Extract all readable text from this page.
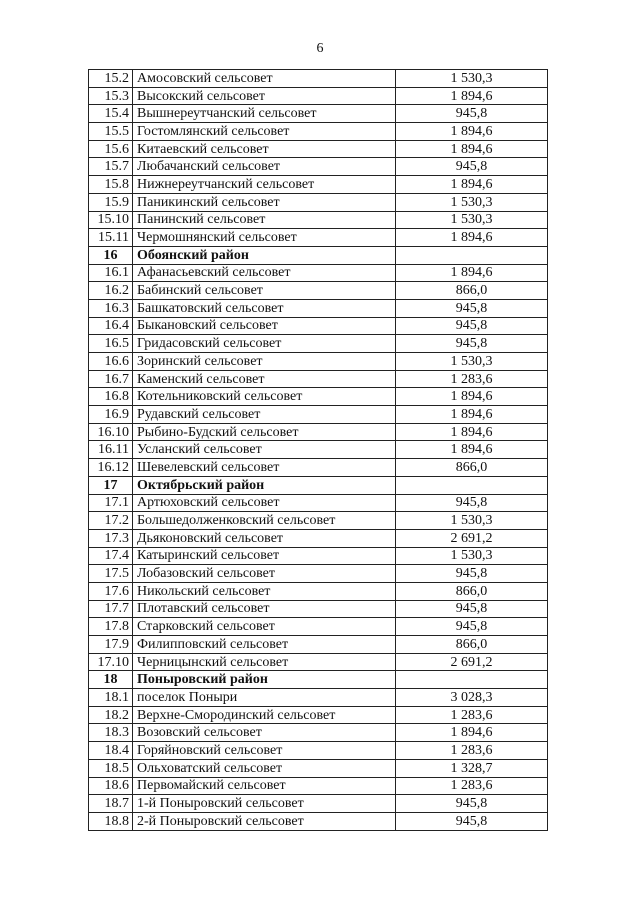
6
15.2	Амосовский сельсовет	1 530,3
15.3	Высокский сельсовет	1 894,6
15.4	Вышнереутчанский сельсовет	945,8
15.5	Гостомлянский сельсовет	1 894,6
15.6	Китаевский сельсовет	1 894,6
15.7	Любачанский сельсовет	945,8
15.8	Нижнереутчанский сельсовет	1 894,6
15.9	Паникинский сельсовет	1 530,3
15.10	Панинский сельсовет	1 530,3
15.11	Чермошнянский сельсовет	1 894,6
16	Обоянский район	
16.1	Афанасьевский сельсовет	1 894,6
16.2	Бабинский сельсовет	866,0
16.3	Башкатовский сельсовет	945,8
16.4	Быкановский сельсовет	945,8
16.5	Гридасовский сельсовет	945,8
16.6	Зоринский сельсовет	1 530,3
16.7	Каменский сельсовет	1 283,6
16.8	Котельниковский сельсовет	1 894,6
16.9	Рудавский сельсовет	1 894,6
16.10	Рыбино-Будский сельсовет	1 894,6
16.11	Усланский сельсовет	1 894,6
16.12	Шевелевский сельсовет	866,0
17	Октябрьский район	
17.1	Артюховский сельсовет	945,8
17.2	Большедолженковский сельсовет	1 530,3
17.3	Дьяконовский сельсовет	2 691,2
17.4	Катыринский сельсовет	1 530,3
17.5	Лобазовский сельсовет	945,8
17.6	Никольский сельсовет	866,0
17.7	Плотавский сельсовет	945,8
17.8	Старковский сельсовет	945,8
17.9	Филипповский сельсовет	866,0
17.10	Черницынский сельсовет	2 691,2
18	Поныровский район	
18.1	поселок Поныри	3 028,3
18.2	Верхне-Смородинский сельсовет	1 283,6
18.3	Возовский сельсовет	1 894,6
18.4	Горяйновский сельсовет	1 283,6
18.5	Ольховатский сельсовет	1 328,7
18.6	Первомайский сельсовет	1 283,6
18.7	1-й Поныровский сельсовет	945,8
18.8	2-й Поныровский сельсовет	945,8
